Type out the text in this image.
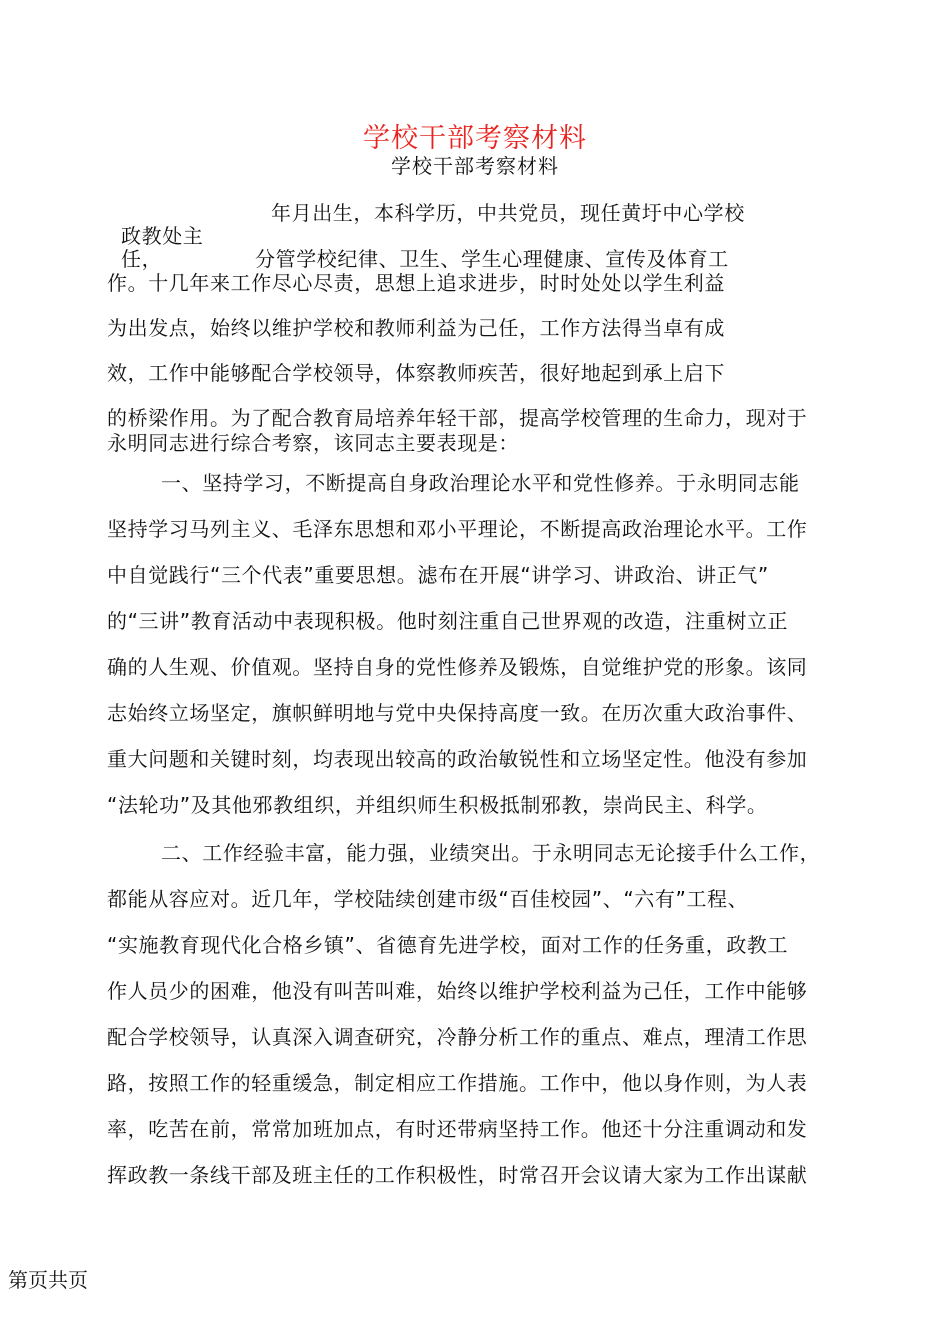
学校干部考察材料
学校干部考察材料
年月出生，本科学历，中共党员，现任黄圩中心学校
政教处主
任，	分管学校纪律、卫生、学生心理健康、宣传及体育工
作。十几年来工作尽心尽责，思想上追求进步，时时处处以学生利益
为出发点，始终以维护学校和教师利益为己任，工作方法得当卓有成
效，工作中能够配合学校领导，体察教师疾苦，很好地起到承上启下
的桥梁作用。为了配合教育局培养年轻干部，提高学校管理的生命力，现对于
永明同志进行综合考察，该同志主要表现是：
一、坚持学习，不断提高自身政治理论水平和党性修养。于永明同志能
坚持学习马列主义、毛泽东思想和邓小平理论，不断提高政治理论水平。工作
中自觉践行“三个代表”重要思想。滤布在开展“讲学习、讲政治、讲正气”
的“三讲”教育活动中表现积极。他时刻注重自己世界观的改造，注重树立正
确的人生观、价值观。坚持自身的党性修养及锻炼，自觉维护党的形象。该同
志始终立场坚定，旗帜鲜明地与党中央保持高度一致。在历次重大政治事件、
重大问题和关键时刻，均表现出较高的政治敏锐性和立场坚定性。他没有参加
“法轮功”及其他邪教组织，并组织师生积极抵制邪教，崇尚民主、科学。
二、工作经验丰富，能力强，业绩突出。于永明同志无论接手什么工作，
都能从容应对。近几年，学校陆续创建市级“百佳校园”、“六有”工程、
“实施教育现代化合格乡镇”、省德育先进学校，面对工作的任务重，政教工
作人员少的困难，他没有叫苦叫难，始终以维护学校利益为己任，工作中能够
配合学校领导，认真深入调查研究，冷静分析工作的重点、难点，理清工作思
路，按照工作的轻重缓急，制定相应工作措施。工作中，他以身作则，为人表
率，吃苦在前，常常加班加点，有时还带病坚持工作。他还十分注重调动和发
挥政教一条线干部及班主任的工作积极性，时常召开会议请大家为工作出谋献
第页共页
